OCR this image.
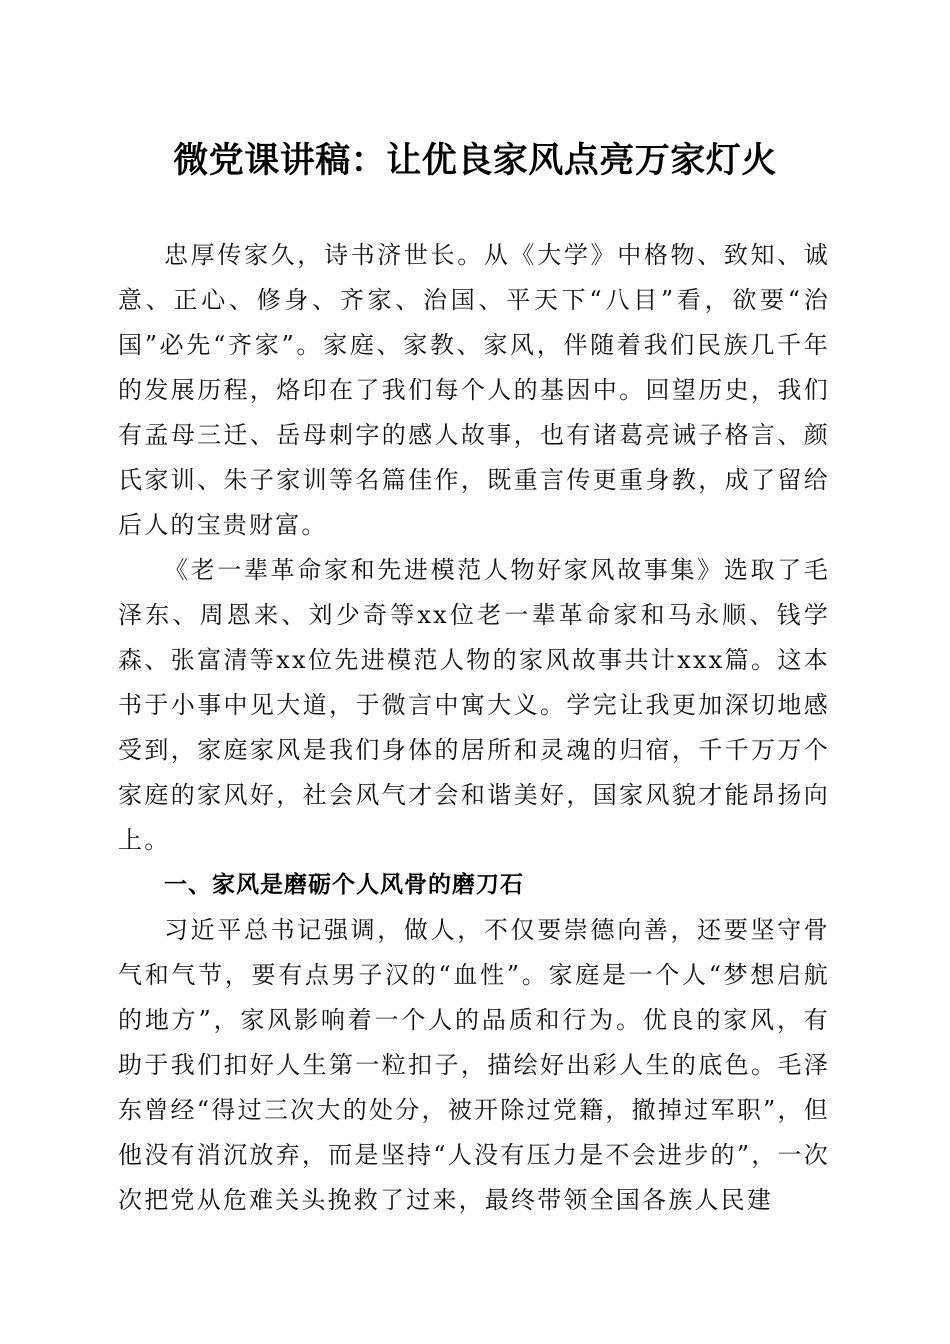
微党课讲稿：让优良家风点亮万家灯火

忠厚传家久，诗书济世长。从《大学》中格物、致知、诚意、正心、修身、齐家、治国、平天下“八目”看，欲要“治国”必先“齐家”。家庭、家教、家风，伴随着我们民族几千年的发展历程，烙印在了我们每个人的基因中。回望历史，我们有孟母三迁、岳母刺字的感人故事，也有诸葛亮诫子格言、颜氏家训、朱子家训等名篇佳作，既重言传更重身教，成了留给后人的宝贵财富。

《老一辈革命家和先进模范人物好家风故事集》选取了毛泽东、周恩来、刘少奇等xx位老一辈革命家和马永顺、钱学森、张富清等xx位先进模范人物的家风故事共计xxx篇。这本书于小事中见大道，于微言中寓大义。学完让我更加深切地感受到，家庭家风是我们身体的居所和灵魂的归宿，千千万万个家庭的家风好，社会风气才会和谐美好，国家风貌才能昂扬向上。

一、家风是磨砺个人风骨的磨刀石

习近平总书记强调，做人，不仅要崇德向善，还要坚守骨气和气节，要有点男子汉的“血性”。家庭是一个人“梦想启航的地方”，家风影响着一个人的品质和行为。优良的家风，有助于我们扣好人生第一粒扣子，描绘好出彩人生的底色。毛泽东曾经“得过三次大的处分，被开除过党籍，撤掉过军职”，但他没有消沉放弃，而是坚持“人没有压力是不会进步的”，一次次把党从危难关头挽救了过来，最终带领全国各族人民建
